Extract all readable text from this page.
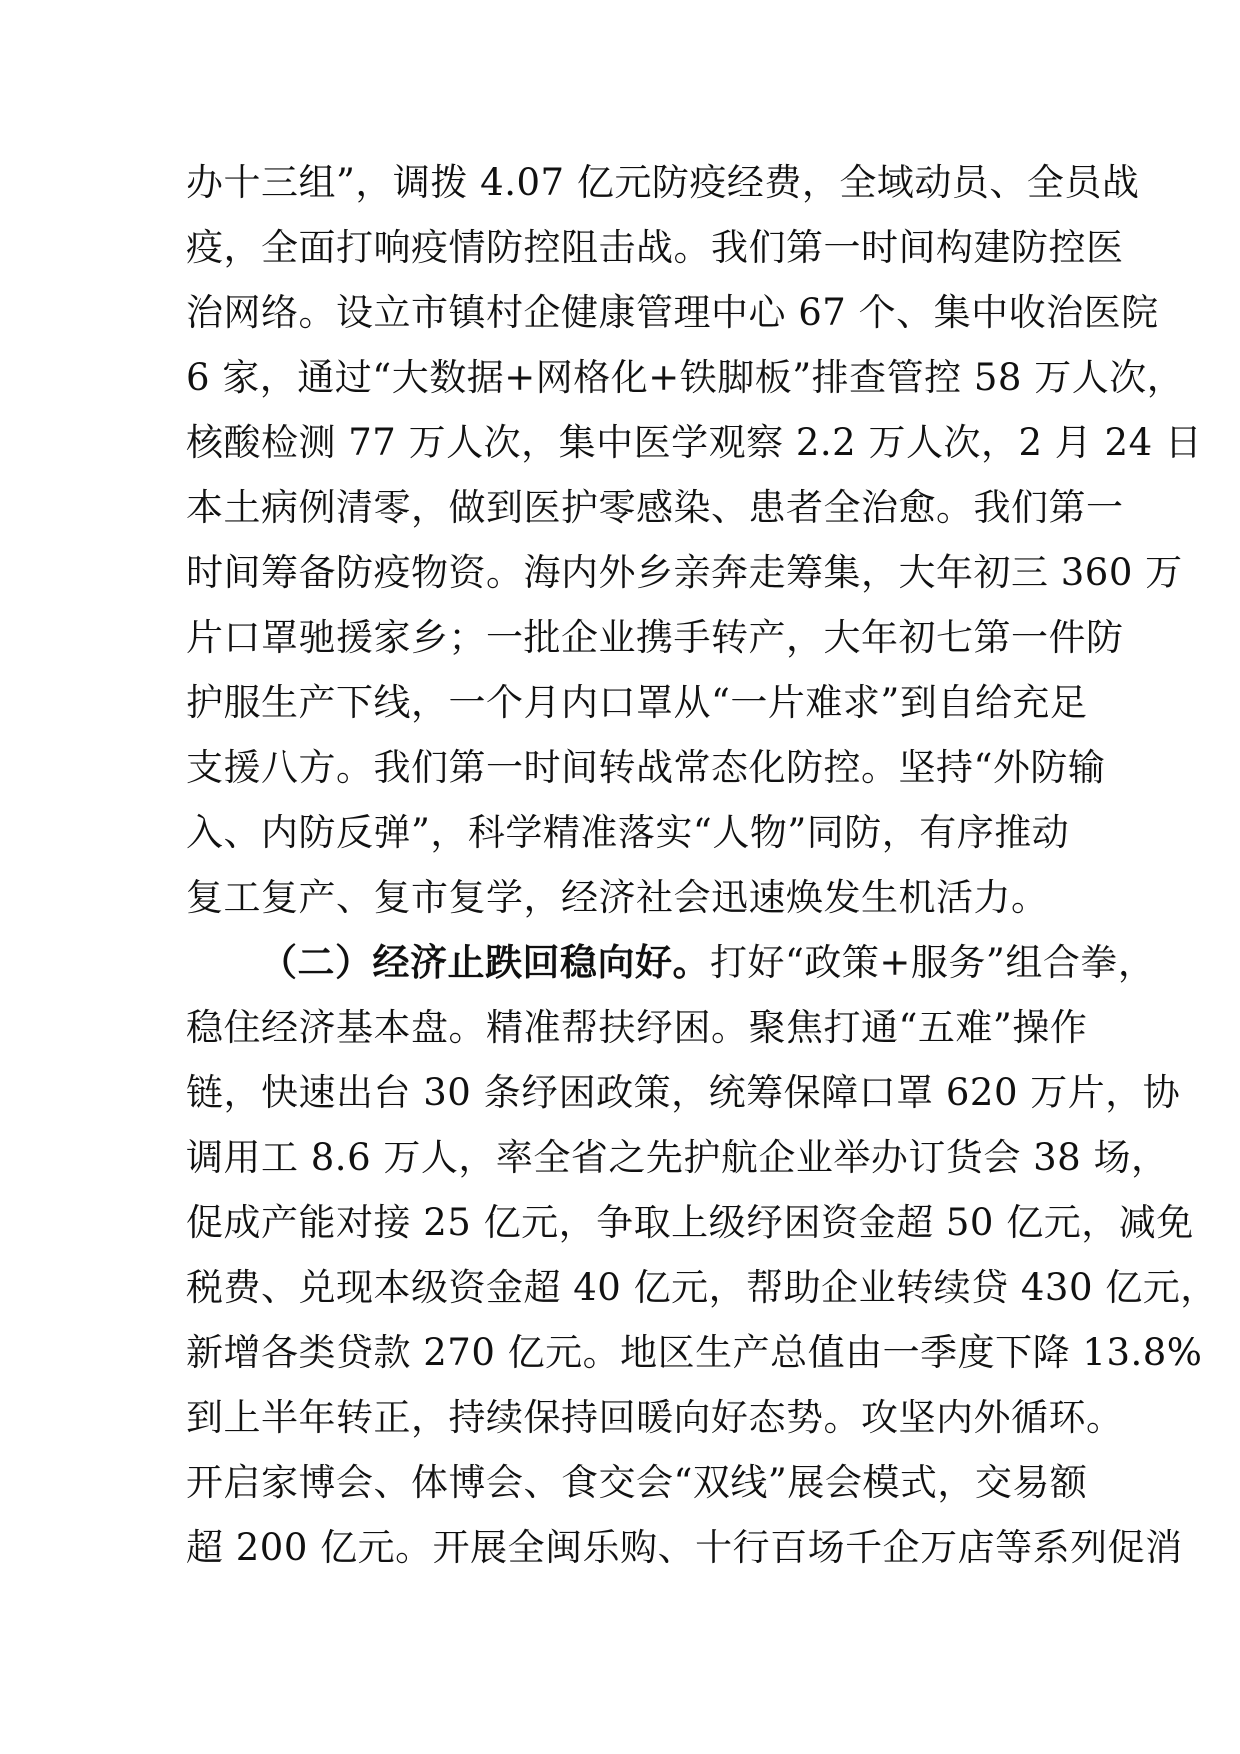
办十三组”，调拨 4.07 亿元防疫经费，全域动员、全员战
疫，全面打响疫情防控阻击战。我们第一时间构建防控医
治网络。设立市镇村企健康管理中心 67 个、集中收治医院
6 家，通过“大数据+网格化+铁脚板”排查管控 58 万人次，
核酸检测 77 万人次，集中医学观察 2.2 万人次，2 月 24 日
本土病例清零，做到医护零感染、患者全治愈。我们第一
时间筹备防疫物资。海内外乡亲奔走筹集，大年初三 360 万
片口罩驰援家乡；一批企业携手转产，大年初七第一件防
护服生产下线，一个月内口罩从“一片难求”到自给充足
支援八方。我们第一时间转战常态化防控。坚持“外防输
入、内防反弹”，科学精准落实“人物”同防，有序推动
复工复产、复市复学，经济社会迅速焕发生机活力。
（二）经济止跌回稳向好。打好“政策+服务”组合拳，
稳住经济基本盘。精准帮扶纾困。聚焦打通“五难”操作
链，快速出台 30 条纾困政策，统筹保障口罩 620 万片，协
调用工 8.6 万人，率全省之先护航企业举办订货会 38 场，
促成产能对接 25 亿元，争取上级纾困资金超 50 亿元，减免
税费、兑现本级资金超 40 亿元，帮助企业转续贷 430 亿元，
新增各类贷款 270 亿元。地区生产总值由一季度下降 13.8%
到上半年转正，持续保持回暖向好态势。攻坚内外循环。
开启家博会、体博会、食交会“双线”展会模式，交易额
超 200 亿元。开展全闽乐购、十行百场千企万店等系列促消
